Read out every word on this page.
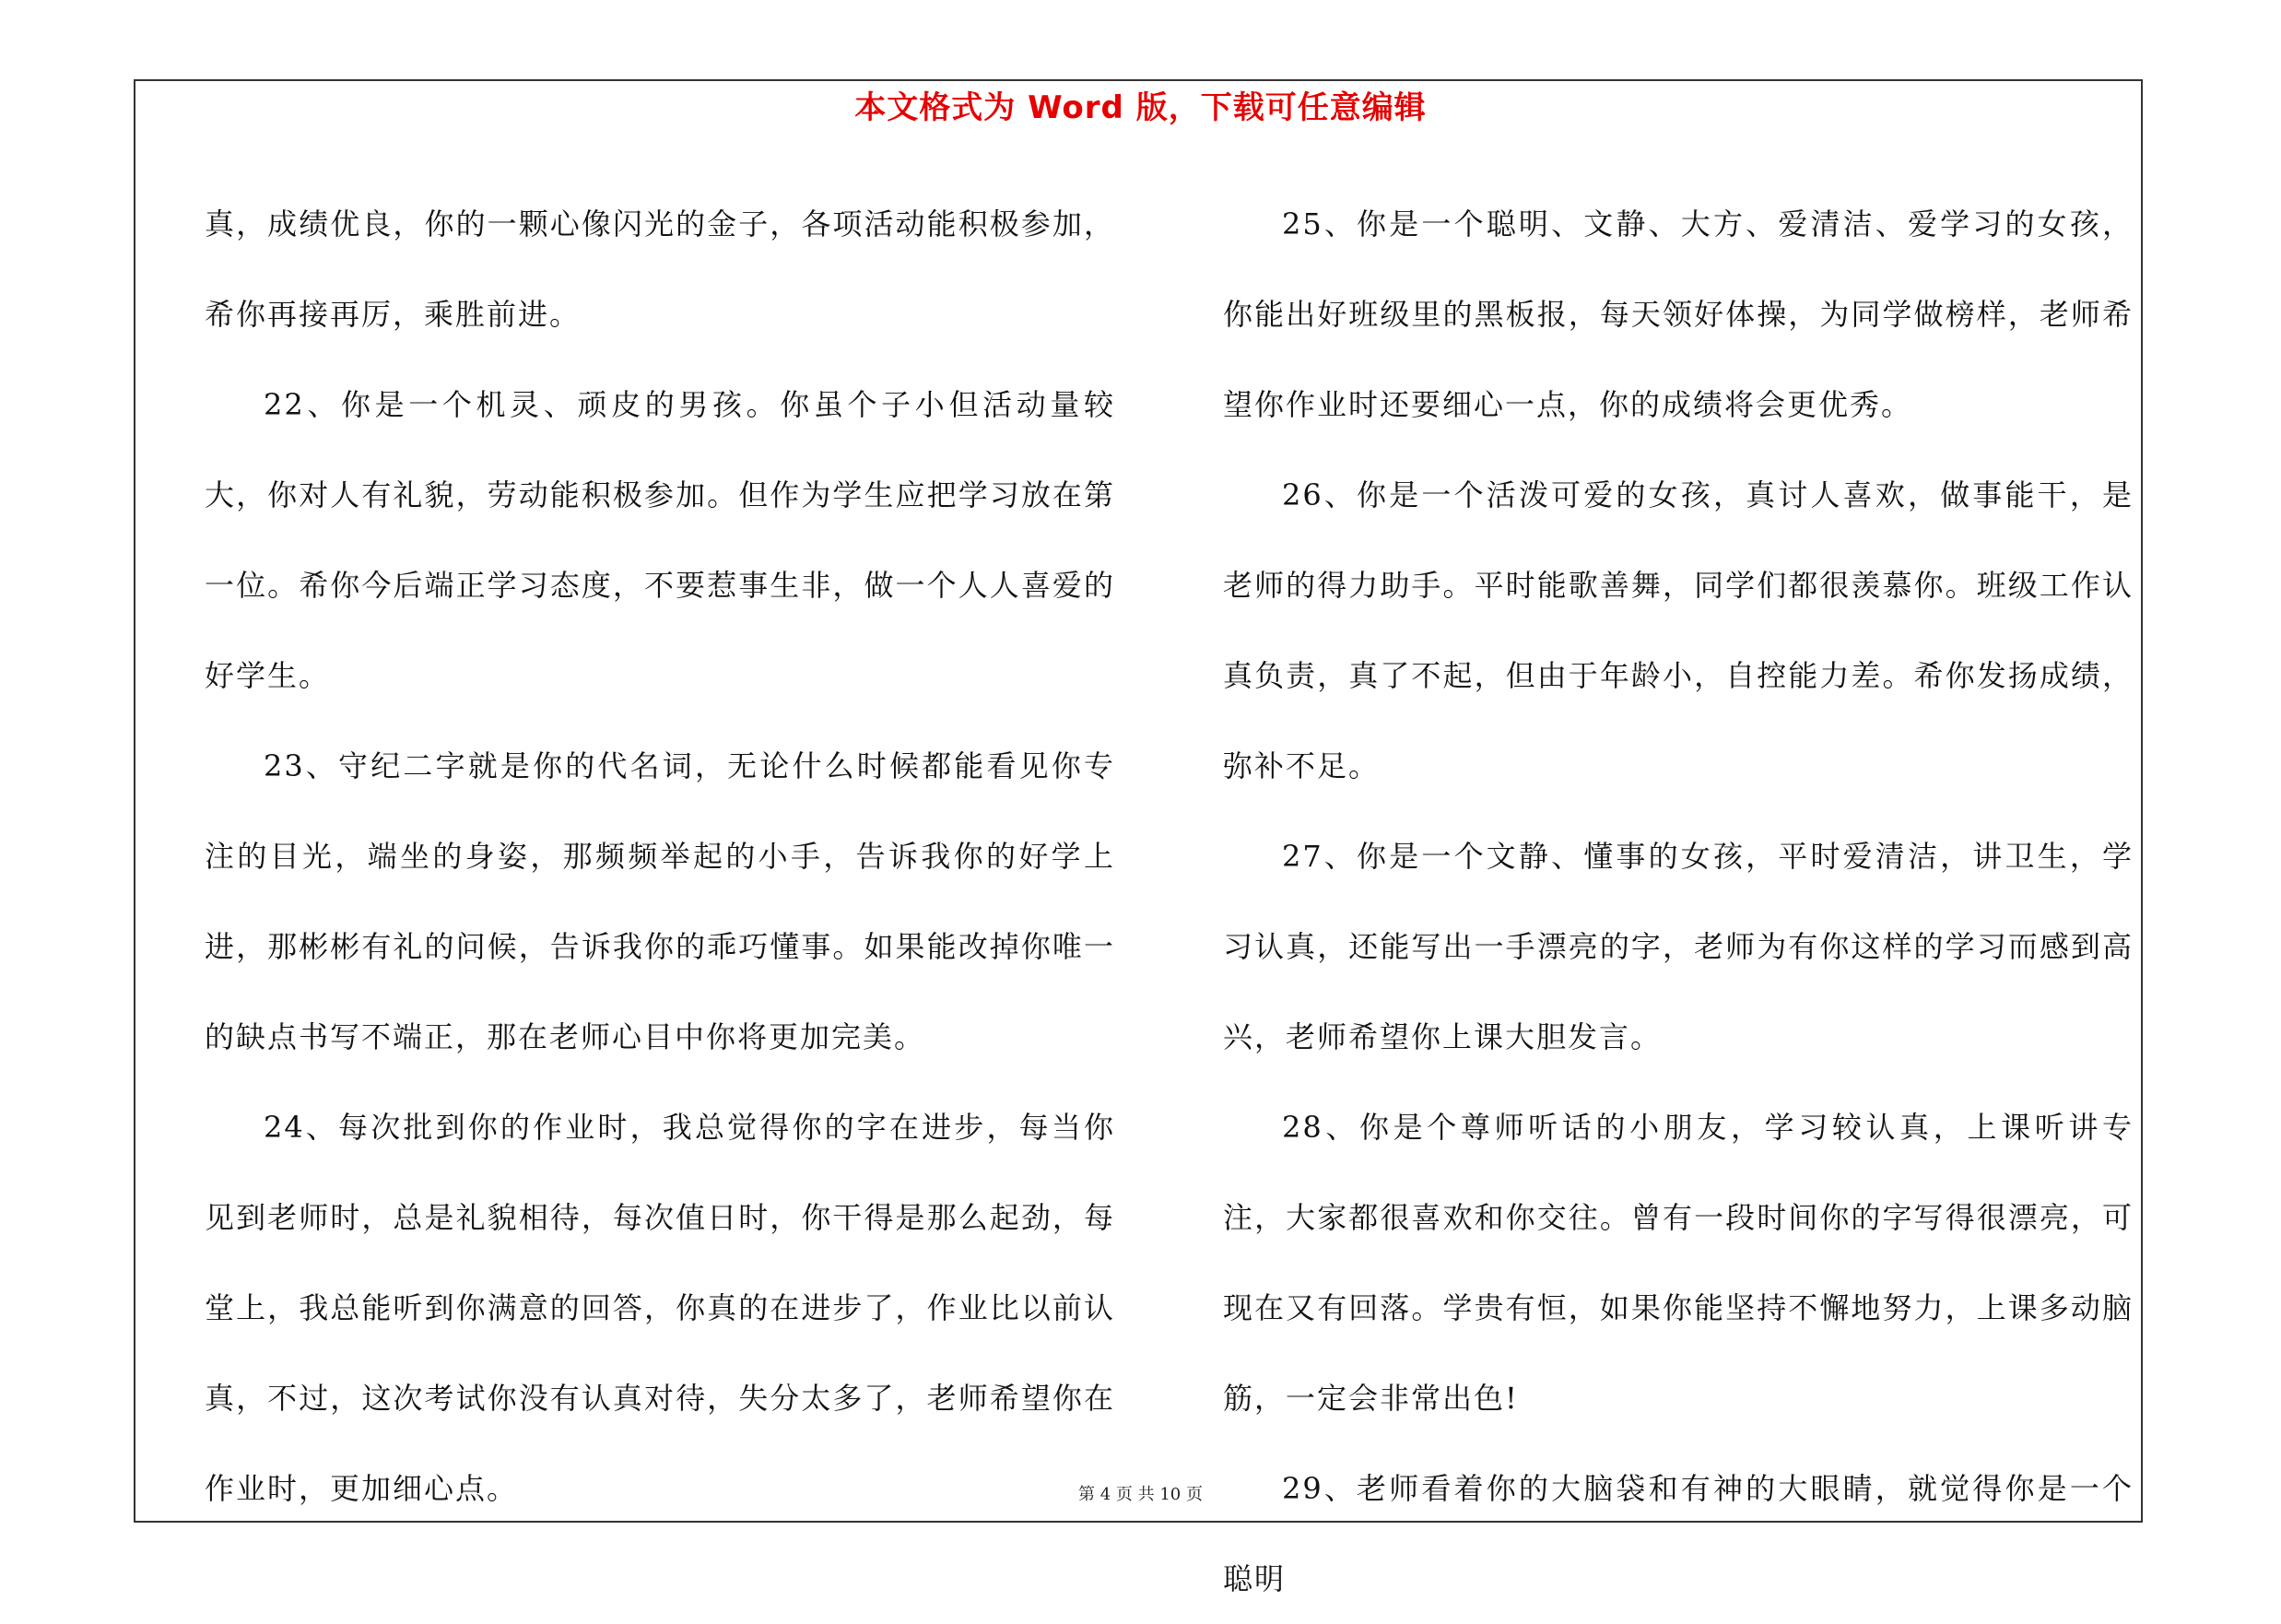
本文格式为 Word 版，下载可任意编辑

真，成绩优良，你的一颗心像闪光的金子，各项活动能积极参加，希你再接再厉，乘胜前进。

22、你是一个机灵、顽皮的男孩。你虽个子小但活动量较大，你对人有礼貌，劳动能积极参加。但作为学生应把学习放在第一位。希你今后端正学习态度，不要惹事生非，做一个人人喜爱的好学生。

23、守纪二字就是你的代名词，无论什么时候都能看见你专注的目光，端坐的身姿，那频频举起的小手，告诉我你的好学上进，那彬彬有礼的问候，告诉我你的乖巧懂事。如果能改掉你唯一的缺点书写不端正，那在老师心目中你将更加完美。

24、每次批到你的作业时，我总觉得你的字在进步，每当你见到老师时，总是礼貌相待，每次值日时，你干得是那么起劲，每堂上，我总能听到你满意的回答，你真的在进步了，作业比以前认真，不过，这次考试你没有认真对待，失分太多了，老师希望你在作业时，更加细心点。

25、你是一个聪明、文静、大方、爱清洁、爱学习的女孩，你能出好班级里的黑板报，每天领好体操，为同学做榜样，老师希望你作业时还要细心一点，你的成绩将会更优秀。

26、你是一个活泼可爱的女孩，真讨人喜欢，做事能干，是老师的得力助手。平时能歌善舞，同学们都很羡慕你。班级工作认真负责，真了不起，但由于年龄小，自控能力差。希你发扬成绩，弥补不足。

27、你是一个文静、懂事的女孩，平时爱清洁，讲卫生，学习认真，还能写出一手漂亮的字，老师为有你这样的学习而感到高兴，老师希望你上课大胆发言。

28、你是个尊师听话的小朋友，学习较认真，上课听讲专注，大家都很喜欢和你交往。曾有一段时间你的字写得很漂亮，可现在又有回落。学贵有恒，如果你能坚持不懈地努力，上课多动脑筋，一定会非常出色!

29、老师看着你的大脑袋和有神的大眼睛，就觉得你是一个聪明

第 4 页 共 10 页
